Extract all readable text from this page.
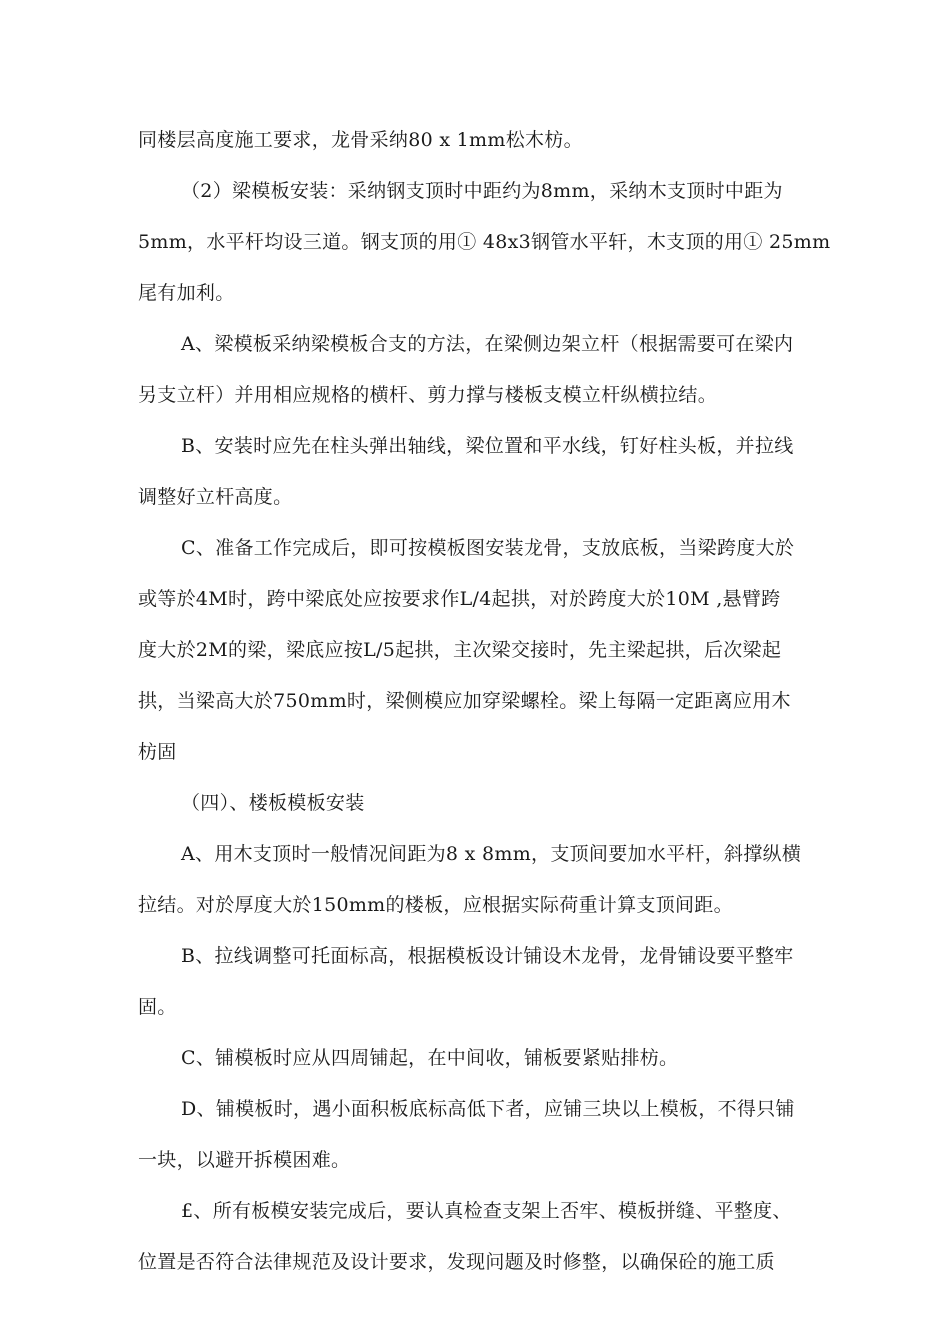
同楼层高度施工要求，龙骨采纳80 x 1mm松木枋。
（2）梁模板安装：采纳钢支顶时中距约为8mm，采纳木支顶时中距为
5mm，水平杆均设三道。钢支顶的用① 48x3钢管水平轩，木支顶的用① 25mm
尾有加利。
A、梁模板采纳梁模板合支的方法，在梁侧边架立杆（根据需要可在梁内
另支立杆）并用相应规格的横杆、剪力撑与楼板支模立杆纵横拉结。
B、安装时应先在柱头弹出轴线，梁位置和平水线，钉好柱头板，并拉线
调整好立杆高度。
C、准备工作完成后，即可按模板图安装龙骨，支放底板，当梁跨度大於
或等於4M时，跨中梁底处应按要求作L/4起拱，对於跨度大於10M ,悬臂跨
度大於2M的梁，梁底应按L/5起拱，主次梁交接时，先主梁起拱，后次梁起
拱，当梁高大於750mm时，梁侧模应加穿梁螺栓。梁上每隔一定距离应用木
枋固
（四）、楼板模板安装
A、用木支顶时一般情况间距为8 x 8mm，支顶间要加水平杆，斜撑纵横
拉结。对於厚度大於150mm的楼板，应根据实际荷重计算支顶间距。
B、拉线调整可托面标高，根据模板设计铺设木龙骨，龙骨铺设要平整牢
固。
C、铺模板时应从四周铺起，在中间收，铺板要紧贴排枋。
D、铺模板时，遇小面积板底标高低下者，应铺三块以上模板，不得只铺
一块，以避开拆模困难。
£、所有板模安装完成后，要认真检查支架上否牢、模板拼缝、平整度、
位置是否符合法律规范及设计要求，发现问题及时修整，以确保砼的施工质
